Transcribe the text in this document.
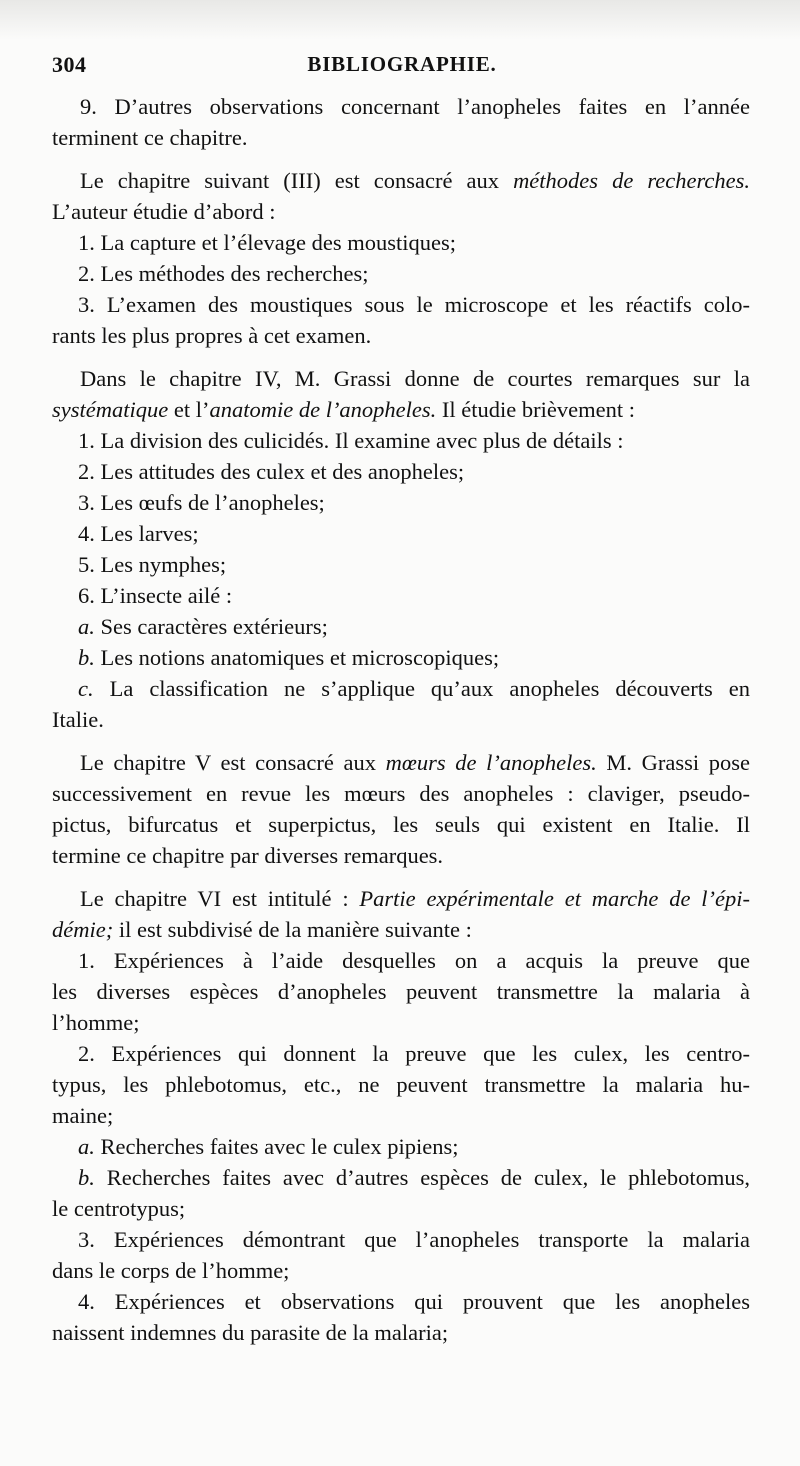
304	BIBLIOGRAPHIE.
9. D’autres observations concernant l’anopheles faites en l’année
terminent ce chapitre.
Le chapitre suivant (III) est consacré aux méthodes de recherches.
L’auteur étudie d’abord :
1. La capture et l’élevage des moustiques;
2. Les méthodes des recherches;
3. L’examen des moustiques sous le microscope et les réactifs colo-
rants les plus propres à cet examen.
Dans le chapitre IV, M. Grassi donne de courtes remarques sur la
systématique et l’anatomie de l’anopheles. Il étudie brièvement :
1. La division des culicidés. Il examine avec plus de détails :
2. Les attitudes des culex et des anopheles;
3. Les œufs de l’anopheles;
4. Les larves;
5. Les nymphes;
6. L’insecte ailé :
a. Ses caractères extérieurs;
b. Les notions anatomiques et microscopiques;
c. La classification ne s’applique qu’aux anopheles découverts en
Italie.
Le chapitre V est consacré aux mœurs de l’anopheles. M. Grassi pose
successivement en revue les mœurs des anopheles : claviger, pseudo-
pictus, bifurcatus et superpictus, les seuls qui existent en Italie. Il
termine ce chapitre par diverses remarques.
Le chapitre VI est intitulé : Partie expérimentale et marche de l’épi-
démie; il est subdivisé de la manière suivante :
1. Expériences à l’aide desquelles on a acquis la preuve que
les diverses espèces d’anopheles peuvent transmettre la malaria à
l’homme;
2. Expériences qui donnent la preuve que les culex, les centro-
typus, les phlebotomus, etc., ne peuvent transmettre la malaria hu-
maine;
a. Recherches faites avec le culex pipiens;
b. Recherches faites avec d’autres espèces de culex, le phlebotomus,
le centrotypus;
3. Expériences démontrant que l’anopheles transporte la malaria
dans le corps de l’homme;
4. Expériences et observations qui prouvent que les anopheles
naissent indemnes du parasite de la malaria;
